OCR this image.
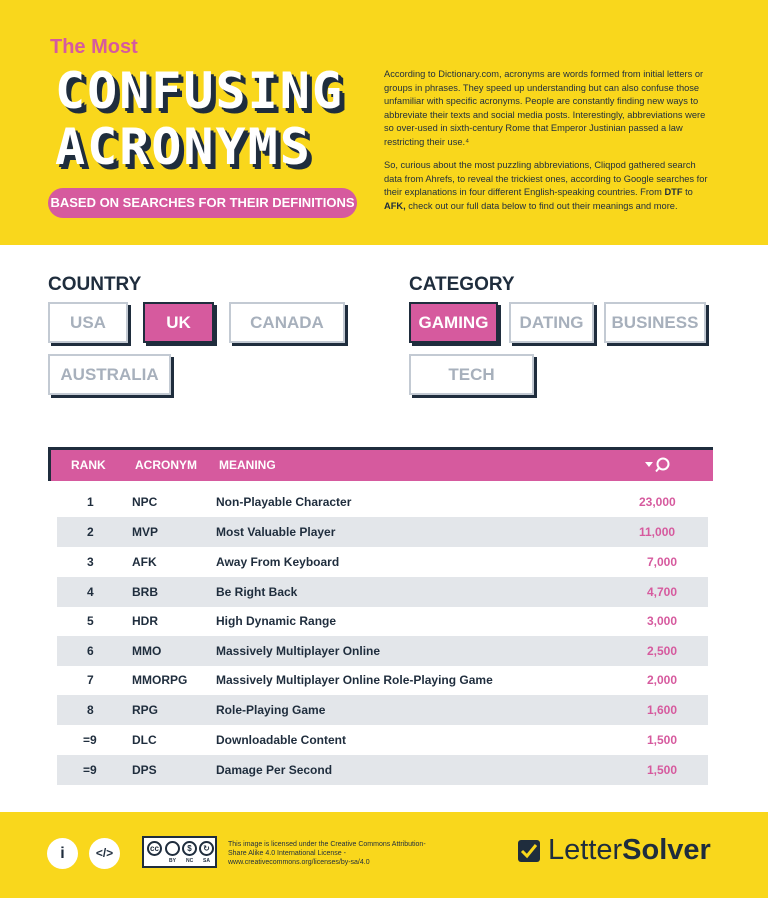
The Most
CONFUSING
ACRONYMS
BASED ON SEARCHES FOR THEIR DEFINITIONS

According to Dictionary.com, acronyms are words formed from initial letters or groups in phrases. They speed up understanding but can also confuse those unfamiliar with specific acronyms. People are constantly finding new ways to abbreviate their texts and social media posts. Interestingly, abbreviations were so over-used in sixth-century Rome that Emperor Justinian passed a law restricting their use.⁴

So, curious about the most puzzling abbreviations, Cliqpod gathered search data from Ahrefs, to reveal the trickiest ones, according to Google searches for their explanations in four different English-speaking countries. From DTF to AFK, check out our full data below to find out their meanings and more.

COUNTRY
USA	UK	CANADA
AUSTRALIA
CATEGORY
GAMING	DATING	BUSINESS
TECH
RANK ACRONYM MEANING
1	NPC	Non-Playable Character	23,000
2	MVP	Most Valuable Player	11,000
3	AFK	Away From Keyboard	7,000
4	BRB	Be Right Back	4,700
5	HDR	High Dynamic Range	3,000
6	MMO	Massively Multiplayer Online	2,500
7	MMORPG Massively Multiplayer Online Role-Playing Game	2,000
8	RPG	Role-Playing Game	1,600
=9	DLC	Downloadable Content	1,500
=9	DPS	Damage Per Second	1,500
i	</>	cc	$	↻
BY NC SA
This image is licensed under the Creative Commons Attribution-Share Alike 4.0 International License - www.creativecommons.org/licenses/by-sa/4.0	LetterSolver
